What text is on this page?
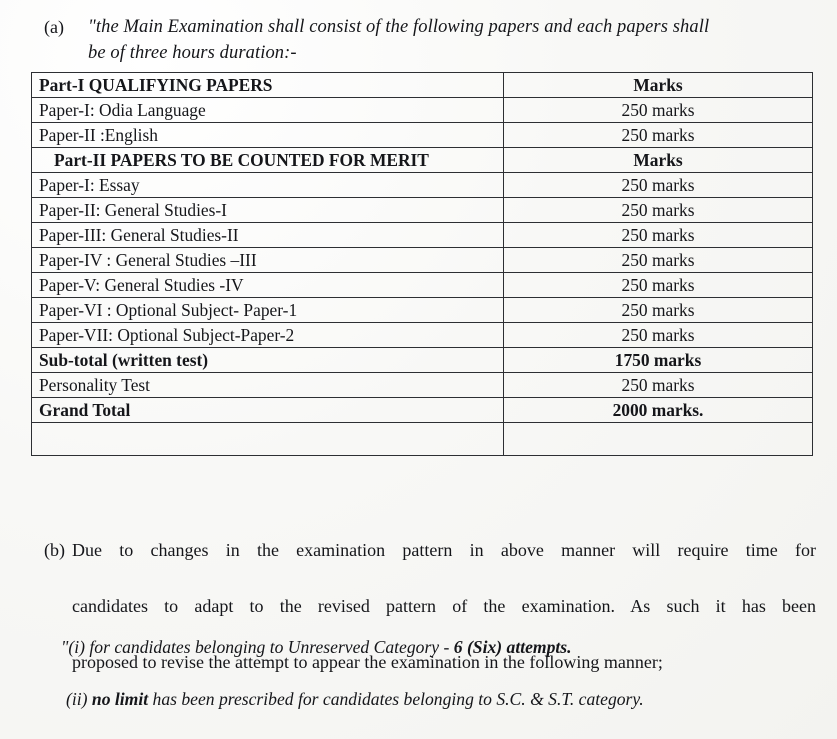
(a)	"the Main Examination shall consist of the following papers and each papers shall
be of three hours duration:-
Part-I QUALIFYING PAPERS	Marks
Paper-I: Odia Language	250 marks
Paper-II :English	250 marks
Part-II PAPERS TO BE COUNTED FOR MERIT	Marks
Paper-I: Essay	250 marks
Paper-II: General Studies-I	250 marks
Paper-III: General Studies-II	250 marks
Paper-IV : General Studies –III	250 marks
Paper-V: General Studies -IV	250 marks
Paper-VI : Optional Subject- Paper-1	250 marks
Paper-VII: Optional Subject-Paper-2	250 marks
Sub-total (written test)	1750 marks
Personality Test	250 marks
Grand Total	2000 marks.

(b) Due to changes in the examination pattern in above manner will require time for
candidates to adapt to the revised pattern of the examination. As such it has been
proposed to revise the attempt to appear the examination in the following manner;
"(i) for candidates belonging to Unreserved Category - 6 (Six) attempts.
(ii) no limit has been prescribed for candidates belonging to S.C. & S.T. category.
